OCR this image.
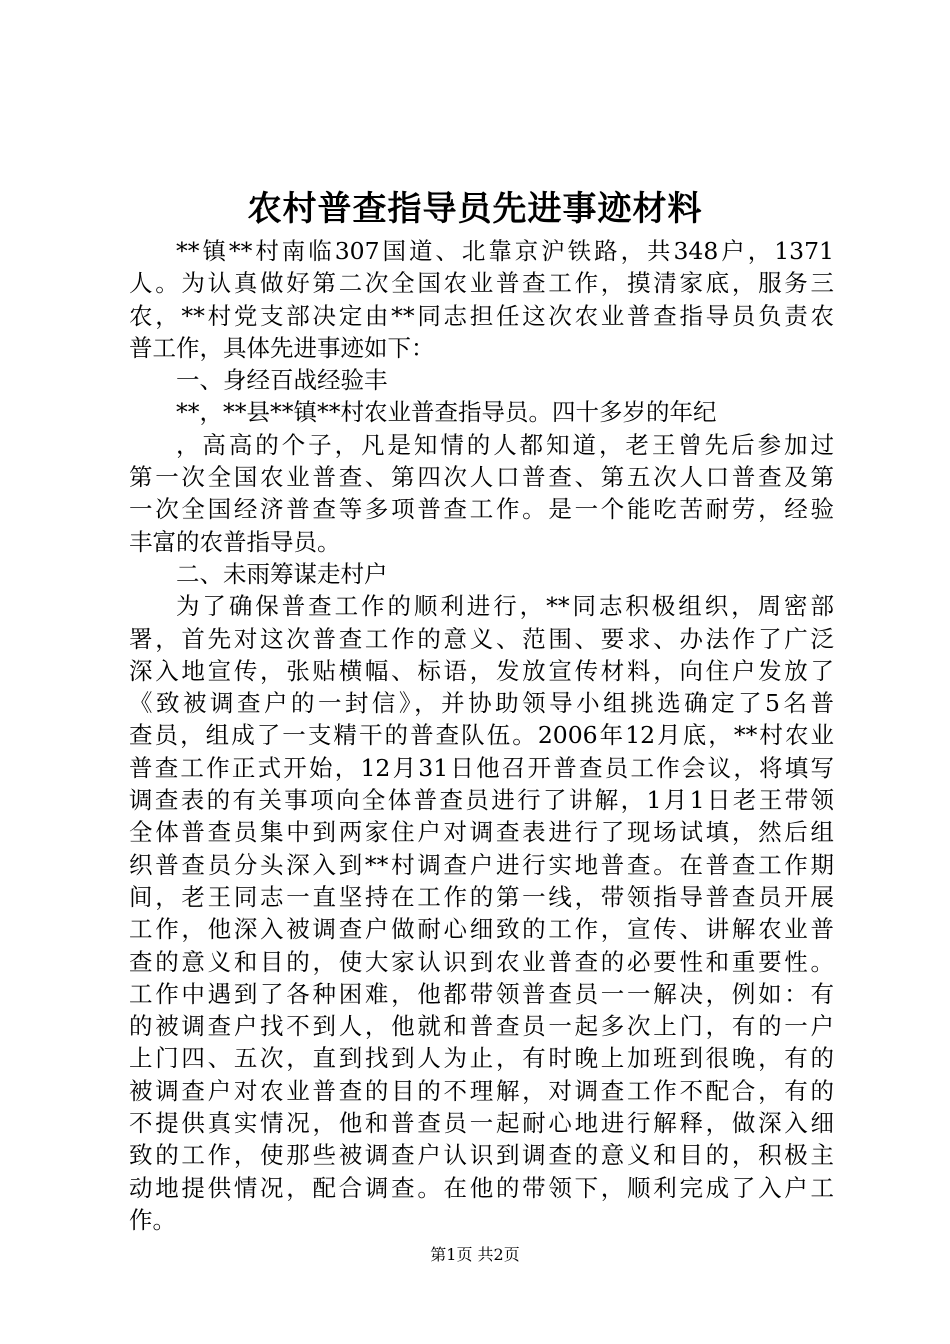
农村普查指导员先进事迹材料
**镇**村南临307国道、北靠京沪铁路，共348户，1371
人。为认真做好第二次全国农业普查工作，摸清家底，服务三
农，**村党支部决定由**同志担任这次农业普查指导员负责农
普工作，具体先进事迹如下：
一、身经百战经验丰
**，**县**镇**村农业普查指导员。四十多岁的年纪
，高高的个子，凡是知情的人都知道，老王曾先后参加过
第一次全国农业普查、第四次人口普查、第五次人口普查及第
一次全国经济普查等多项普查工作。是一个能吃苦耐劳，经验
丰富的农普指导员。
二、未雨筹谋走村户
为了确保普查工作的顺利进行，**同志积极组织，周密部
署，首先对这次普查工作的意义、范围、要求、办法作了广泛
深入地宣传，张贴横幅、标语，发放宣传材料，向住户发放了
《致被调查户的一封信》，并协助领导小组挑选确定了5名普
查员，组成了一支精干的普查队伍。2006年12月底，**村农业
普查工作正式开始，12月31日他召开普查员工作会议，将填写
调查表的有关事项向全体普查员进行了讲解，1月1日老王带领
全体普查员集中到两家住户对调查表进行了现场试填，然后组
织普查员分头深入到**村调查户进行实地普查。在普查工作期
间，老王同志一直坚持在工作的第一线，带领指导普查员开展
工作，他深入被调查户做耐心细致的工作，宣传、讲解农业普
查的意义和目的，使大家认识到农业普查的必要性和重要性。
工作中遇到了各种困难，他都带领普查员一一解决，例如：有
的被调查户找不到人，他就和普查员一起多次上门，有的一户
上门四、五次，直到找到人为止，有时晚上加班到很晚，有的
被调查户对农业普查的目的不理解，对调查工作不配合，有的
不提供真实情况，他和普查员一起耐心地进行解释，做深入细
致的工作，使那些被调查户认识到调查的意义和目的，积极主
动地提供情况，配合调查。在他的带领下，顺利完成了入户工
作。
第1页 共2页
